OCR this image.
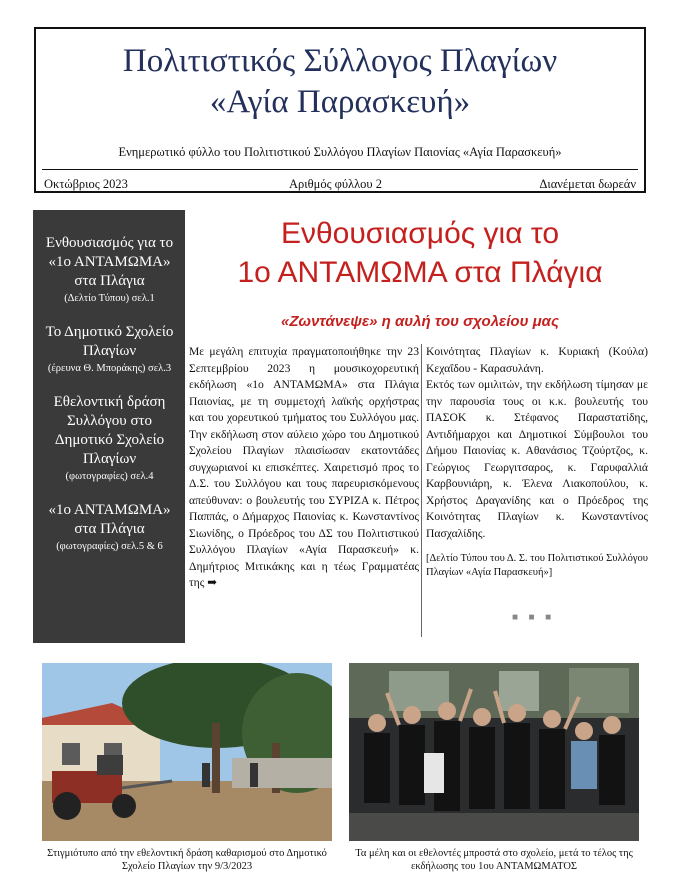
Πολιτιστικός Σύλλογος Πλαγίων
«Αγία Παρασκευή»
Ενημερωτικό φύλλο του Πολιτιστικού Συλλόγου Πλαγίων Παιονίας «Αγία Παρασκευή»
Οκτώβριος 2023	Αριθμός φύλλου 2	Διανέμεται δωρεάν
Ενθουσιασμός για το «1ο ΑΝΤΑΜΩΜΑ» στα Πλάγια
(Δελτίο Τύπου) σελ.1
Το Δημοτικό Σχολείο Πλαγίων
(έρευνα Θ. Μποράκης) σελ.3
Εθελοντική δράση Συλλόγου στο Δημοτικό Σχολείο Πλαγίων
(φωτογραφίες) σελ.4
«1ο ΑΝΤΑΜΩΜΑ» στα Πλάγια
(φωτογραφίες) σελ.5 & 6
Ενθουσιασμός για το
1ο ΑΝΤΑΜΩΜΑ στα Πλάγια
«Ζωντάνεψε» η αυλή του σχολείου μας
Με μεγάλη επιτυχία πραγματοποιήθηκε την 23 Σεπτεμβρίου 2023 η μουσικοχορευτική εκδήλωση «1ο ΑΝΤΑΜΩΜΑ» στα Πλάγια Παιονίας, με τη συμμετοχή λαϊκής ορχήστρας και του χορευτικού τμήματος του Συλλόγου μας. Την εκδήλωση στον αύλειο χώρο του Δημοτικού Σχολείου Πλαγίων πλαισίωσαν εκατοντάδες συγχωριανοί κι επισκέπτες. Χαιρετισμό προς το Δ.Σ. του Συλλόγου και τους παρευρισκόμενους απεύθυναν: ο βουλευτής του ΣΥΡΙΖΑ κ. Πέτρος Παππάς, ο Δήμαρχος Παιονίας κ. Κωνσταντίνος Σιωνίδης, ο Πρόεδρος του ΔΣ του Πολιτιστικού Συλλόγου Πλαγίων «Αγία Παρασκευή» κ. Δημήτριος Μιτικάκης και η τέως Γραμματέας της ➡
Κοινότητας Πλαγίων κ. Κυριακή (Κούλα) Κεχαΐδου - Καρασυλάνη.
Εκτός των ομιλιτών, την εκδήλωση τίμησαν με την παρουσία τους οι κ.κ. βουλευτής του ΠΑΣΟΚ κ. Στέφανος Παραστατίδης, Αντιδήμαρχοι και Δημοτικοί Σύμβουλοι του Δήμου Παιονίας κ. Αθανάσιος Τζούρτζος, κ. Γεώργιος Γεωργιτσαρος, κ. Γαρυφαλλιά Καρβουνιάρη, κ. Έλενα Λιακοπούλου, κ. Χρήστος Δραγανίδης και ο Πρόεδρος της Κοινότητας Πλαγίων κ. Κωνσταντίνος Πασχαλίδης.
[Δελτίο Τύπου του Δ. Σ. του Πολιτιστικού Συλλόγου Πλαγίων «Αγία Παρασκευή»]
■ ■ ■
Στιγμιότυπο από την εθελοντική δράση καθαρισμού στο Δημοτικό Σχολείο Πλαγίων την 9/3/2023
Τα μέλη και οι εθελοντές μπροστά στο σχολείο, μετά το τέλος της εκδήλωσης του 1ου ΑΝΤΑΜΩΜΑΤΟΣ
